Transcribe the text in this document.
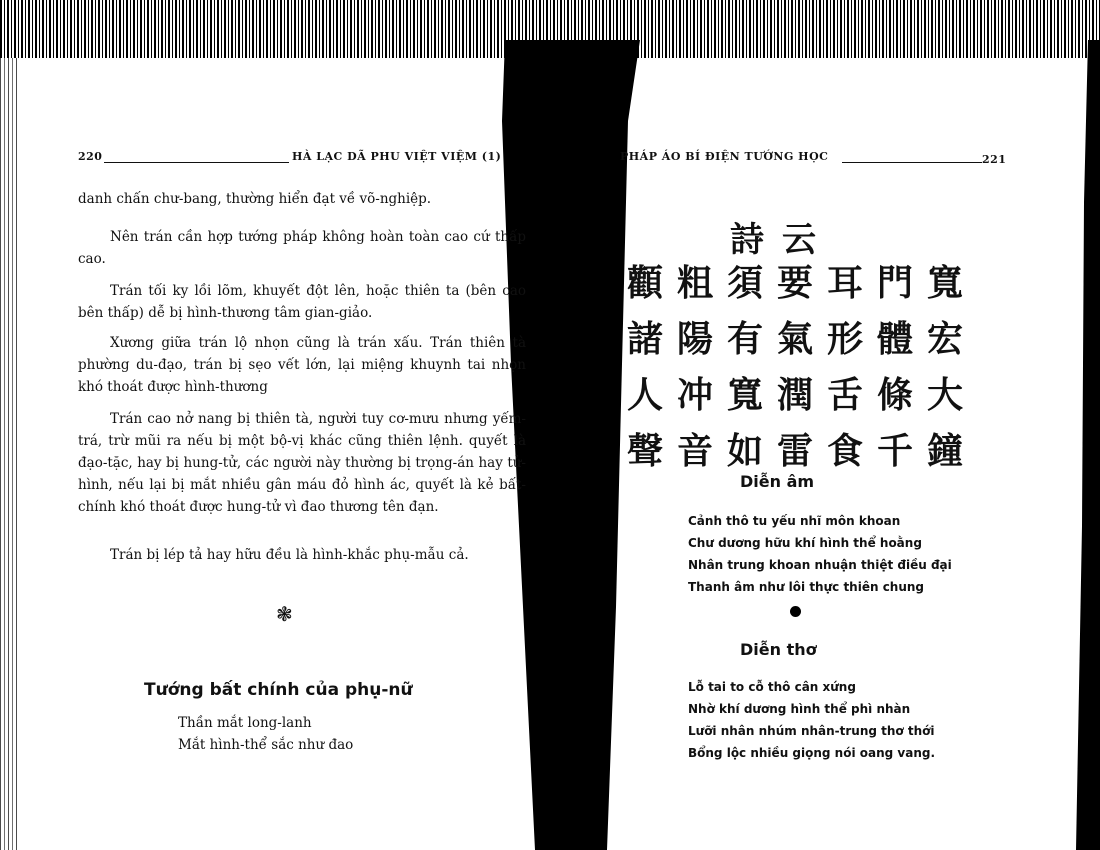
220	HÀ LẠC DÃ PHU VIỆT VIỆM (1)

danh chấn chư-bang, thường hiển đạt về võ-nghiệp.

Nên trán cần hợp tướng pháp không hoàn toàn cao cứ thấp cao.

Trán tối ky lồi lõm, khuyết đột lên, hoặc thiên ta (bên cao bên thấp) dễ bị hình-thương tâm gian-giảo.

Xương giữa trán lộ nhọn cũng là trán xấu. Trán thiên tà phường du-đạo, trán bị sẹo vết lớn, lại miệng khuynh tai nhọn khó thoát được hình-thương

Trán cao nở nang bị thiên tà, người tuy cơ-mưu nhưng yếm-trá, trừ mũi ra nếu bị một bộ-vị khác cũng thiên lệnh. quyết là đạo-tặc, hay bị hung-tử, các người này thường bị trọng-án hay tử-hình, nếu lại bị mắt nhiều gân máu đỏ hình ác, quyết là kẻ bất-chính khó thoát được hung-tử vì đao thương tên đạn.

Trán bị lép tả hay hữu đều là hình-khắc phụ-mẫu cả.

❃
Tướng bất chính của phụ-nữ
Thần mắt long-lanh
Mắt hình-thể sắc như đao
PHÁP ÁO BÍ ĐIỆN TƯỚNG HỌC	221
詩云
顴 粗 須 要 耳 門 寬
諸 陽 有 氣 形 體 宏
人 冲 寬 潤 舌 條 大
聲 音 如 雷 食 千 鐘
Diễn âm
Cảnh thô tu yếu nhĩ môn khoan
Chư dương hữu khí hình thể hoằng
Nhân trung khoan nhuận thiệt điều đại
Thanh âm như lôi thực thiên chung
Diễn thơ
Lỗ tai to cỗ thô cân xứng
Nhờ khí dương hình thể phì nhàn
Lưỡi nhân nhúm nhân-trung thơ thới
Bổng lộc nhiều giọng nói oang vang.
